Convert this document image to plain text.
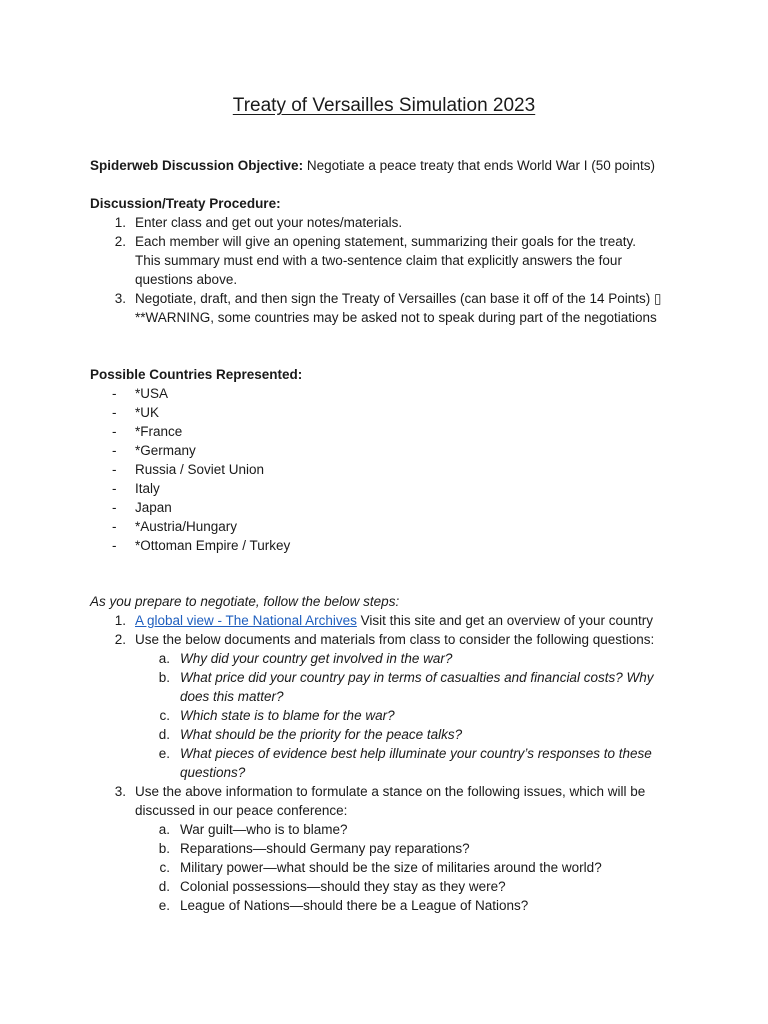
Treaty of Versailles Simulation 2023
Spiderweb Discussion Objective: Negotiate a peace treaty that ends World War I (50 points)
Discussion/Treaty Procedure:
1. Enter class and get out your notes/materials.
2. Each member will give an opening statement, summarizing their goals for the treaty.
This summary must end with a two-sentence claim that explicitly answers the four
questions above.
3. Negotiate, draft, and then sign the Treaty of Versailles (can base it off of the 14 Points) ▯
**WARNING, some countries may be asked not to speak during part of the negotiations
Possible Countries Represented:
- *USA
- *UK
- *France
- *Germany
- Russia / Soviet Union
- Italy
- Japan
- *Austria/Hungary
- *Ottoman Empire / Turkey
As you prepare to negotiate, follow the below steps:
1. A global view - The National Archives Visit this site and get an overview of your country
2. Use the below documents and materials from class to consider the following questions:
a. Why did your country get involved in the war?
b. What price did your country pay in terms of casualties and financial costs? Why
does this matter?
c. Which state is to blame for the war?
d. What should be the priority for the peace talks?
e. What pieces of evidence best help illuminate your country’s responses to these
questions?
3. Use the above information to formulate a stance on the following issues, which will be
discussed in our peace conference:
a. War guilt—who is to blame?
b. Reparations—should Germany pay reparations?
c. Military power—what should be the size of militaries around the world?
d. Colonial possessions—should they stay as they were?
e. League of Nations—should there be a League of Nations?
